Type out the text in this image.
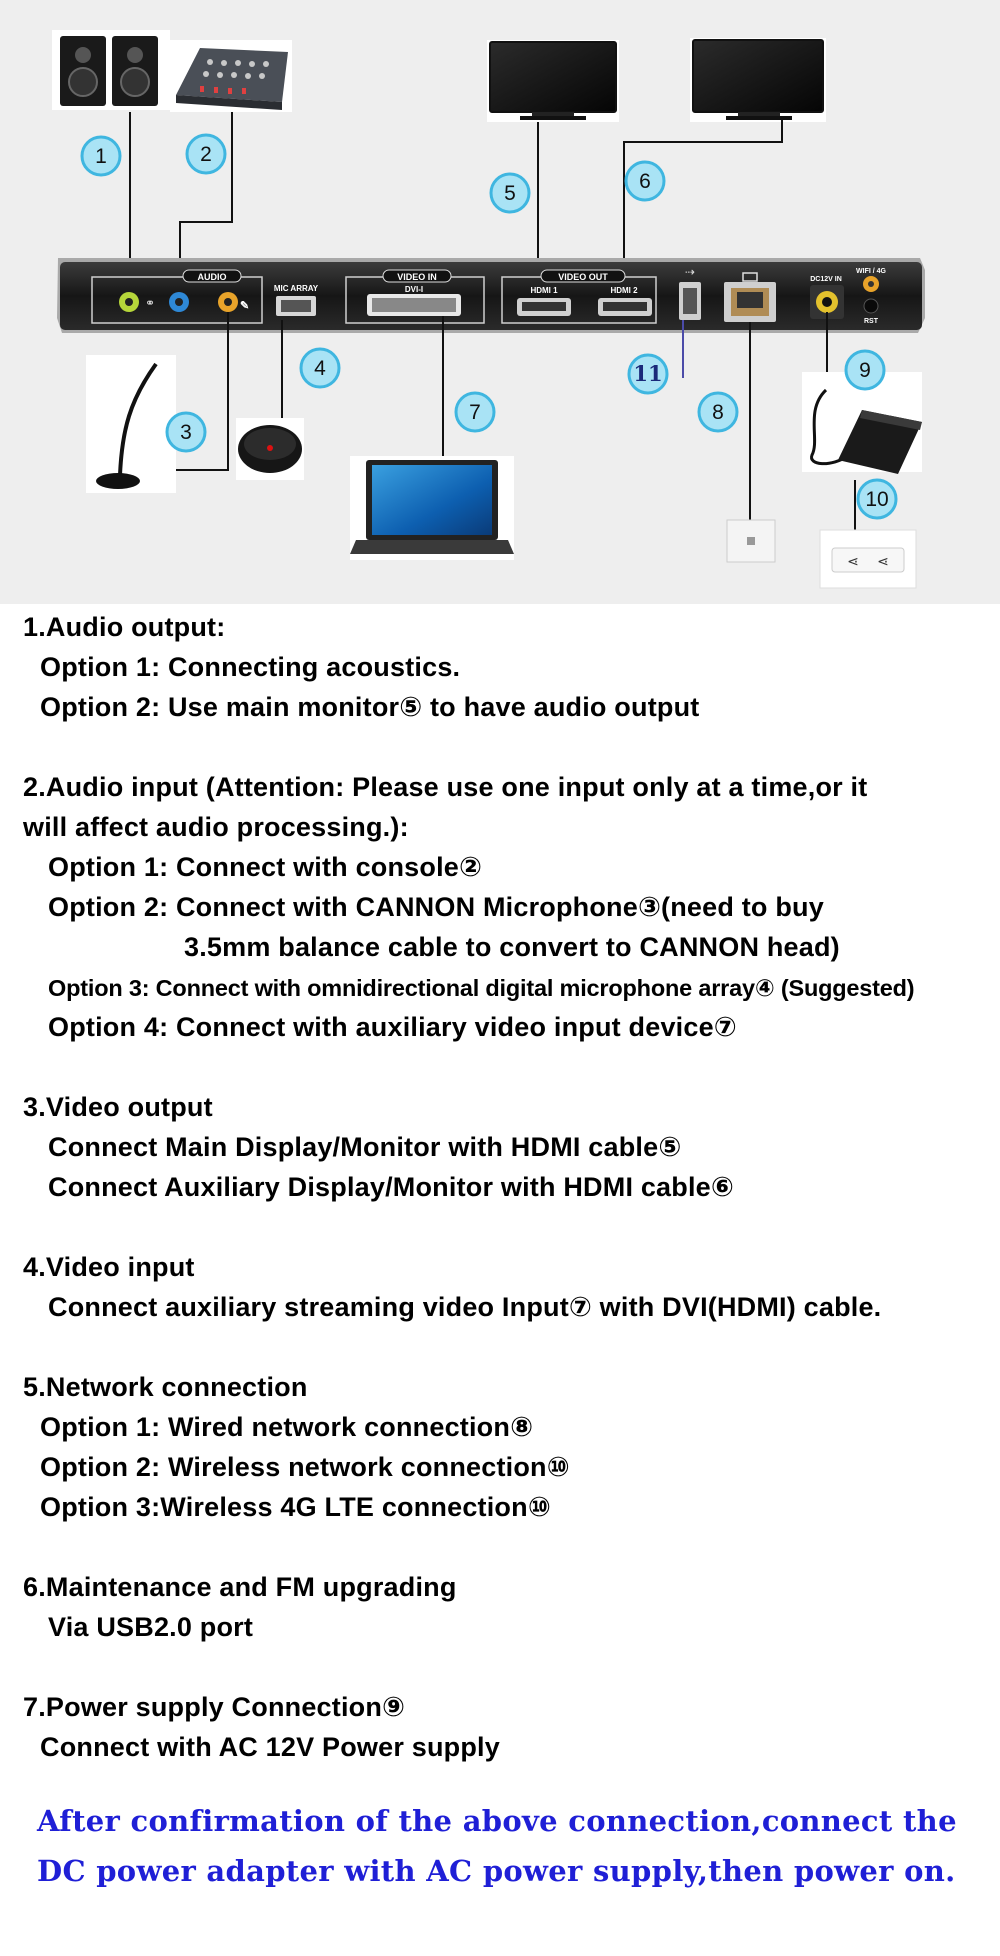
AUDIO
⚭	✎
MIC ARRAY
VIDEO IN
DVI-I
VIDEO OUT
HDMI 1	HDMI 2
⇢
DC12V IN
WIFI / 4G
RST
⋖ ⋖
1	2
3
4
5
6
7	8
9
10
11
1.Audio output:
Option 1: Connecting acoustics.
Option 2: Use main monitor⑤ to have audio output
2.Audio input (Attention: Please use one input only at a time,or it
will affect audio processing.):
Option 1: Connect with console②
Option 2: Connect with CANNON Microphone③(need to buy
3.5mm balance cable to convert to CANNON head)
Option 3: Connect with omnidirectional digital microphone array④ (Suggested)
Option 4: Connect with auxiliary video input device⑦
3.Video output
Connect Main Display/Monitor with HDMI cable⑤
Connect Auxiliary Display/Monitor with HDMI cable⑥
4.Video input
Connect auxiliary streaming video Input⑦ with DVI(HDMI) cable.
5.Network connection
Option 1: Wired network connection⑧
Option 2: Wireless network connection⑩
Option 3:Wireless 4G LTE connection⑩
6.Maintenance and FM upgrading
Via USB2.0 port
7.Power supply Connection⑨
Connect with AC 12V Power supply
After confirmation of the above connection,connect the
DC power adapter with AC power supply,then power on.
